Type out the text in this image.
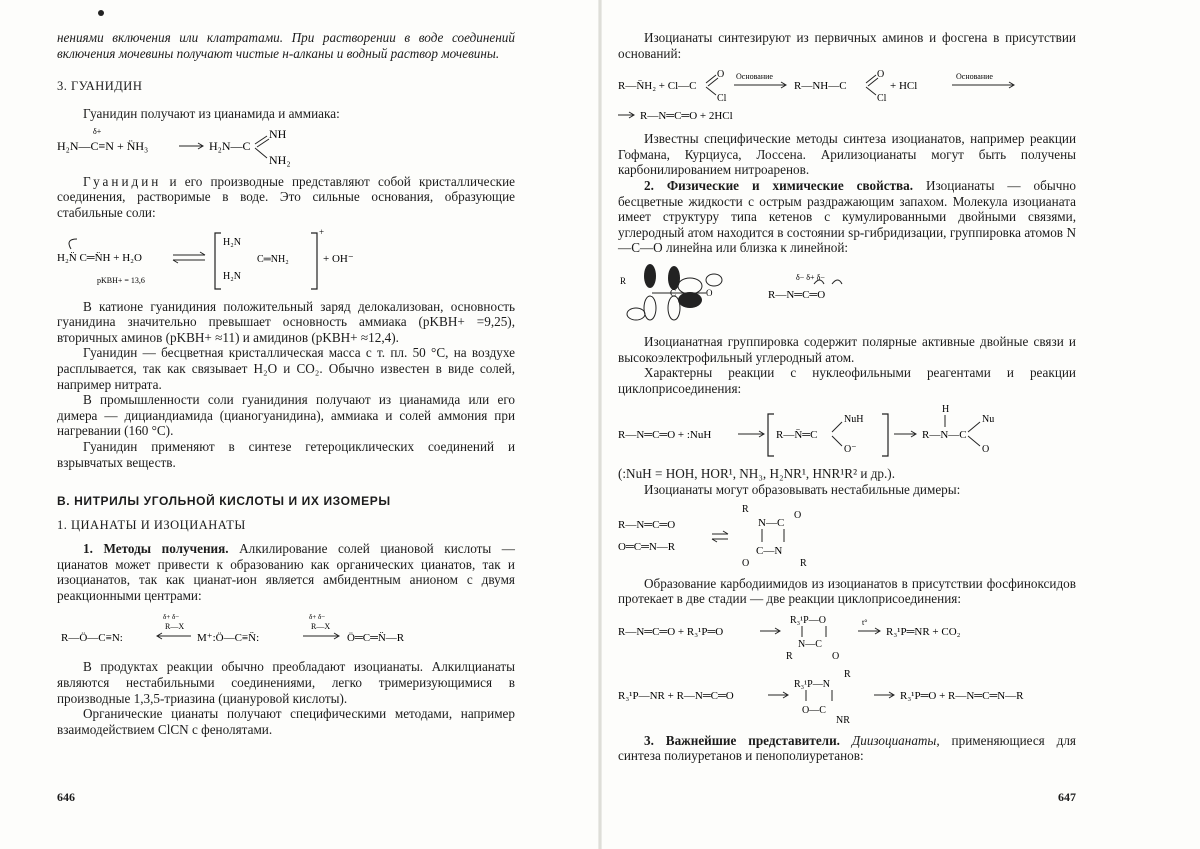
нениями включения или клатратами. При растворении в воде соединений включения мочевины получают чистые н-алканы и водный раствор мочевины.

3. ГУАНИДИН

Гуанидин получают из цианамида и аммиака:

δ+
H₂N—C≡N + N̈H₃	H₂N—C
NH
NH₂

Гуанидин и его производные представляют собой кристаллические соединения, растворимые в воде. Это сильные основания, образующие стабильные соли:

H₂N̈ C═N̈H + H₂O
pKBH+ = 13,6
H₂N
H₂N
C═NH₂
+
+ OH⁻

В катионе гуанидиния положительный заряд делокализован, основность гуанидина значительно превышает основность аммиака (pKBH+ =9,25), вторичных аминов (pKBH+ ≈11) и амидинов (pKBH+ ≈12,4).

Гуанидин — бесцветная кристаллическая масса с т. пл. 50 °С, на воздухе расплывается, так как связывает H₂O и CO₂. Обычно известен в виде солей, например нитрата.

В промышленности соли гуанидиния получают из цианамида или его димера — дициандиамида (цианогуанидина), аммиака и солей аммония при нагревании (160 °С).

Гуанидин применяют в синтезе гетероциклических соединений и взрывчатых веществ.

В. НИТРИЛЫ УГОЛЬНОЙ КИСЛОТЫ И ИХ ИЗОМЕРЫ
1. ЦИАНАТЫ И ИЗОЦИАНАТЫ

1. Методы получения. Алкилирование солей циановой кислоты — цианатов может привести к образованию как органических цианатов, так и изоцианатов, так как цианат-ион является амбидентным анионом с двумя реакционными центрами:

R—Ö—C≡N:
δ+ δ−
R—X
M⁺:Ö—C≡N̈:
δ+ δ−
R—X
Ö═C═N̈—R

В продуктах реакции обычно преобладают изоцианаты. Алкилцианаты являются нестабильными соединениями, легко тримеризующимися в производные 1,3,5-триазина (циануровой кислоты).

Органические цианаты получают специфическими методами, например взаимодействием ClCN с фенолятами.

646

Изоцианаты синтезируют из первичных аминов и фосгена в присутствии оснований:

R—N̈H₂ + Cl—C
O
Cl
Основание
R—NH—C
O
Cl
+ HCl
Основание
R—N═C═O + 2HCl

Известны специфические методы синтеза изоцианатов, например реакции Гофмана, Курциуса, Лоссена. Арилизоцианаты могут быть получены карбонилированием нитроаренов.

2. Физические и химические свойства. Изоцианаты — обычно бесцветные жидкости с острым раздражающим запахом. Молекула изоцианата имеет структуру типа кетенов с кумулированными двойными связями, углеродный атом находится в состоянии sp-гибридизации, группировка атомов N—C—O линейна или близка к линейной:

R
N C	O
δ− δ+ δ−
R—N═C═O

Изоцианатная группировка содержит полярные активные двойные связи и высокоэлектрофильный углеродный атом.

Характерны реакции с нуклеофильными реагентами и реакции циклоприсоединения:

R—N═C═O + :NuH	R—N̈═C
NuH
O⁻
H
R—N—C
Nu
O

(:NuH = HOH, HOR¹, NH₃, H₂NR¹, HNR¹R² и др.).

Изоцианаты могут образовывать нестабильные димеры:

R—N═C═O
O═C═N—R
R
N—C
C—N
O
O	R

Образование карбодиимидов из изоцианатов в присутствии фосфиноксидов протекает в две стадии — две реакции циклоприсоединения:

R—N═C═O + R₃¹P═O
R₃¹P—O
N—C
R	O
t°
R₃¹P═NR + CO₂
R₃¹P—NR + R—N═C═O
R₃¹P—N
R
O—C
NR
R₃¹P═O + R—N═C═N—R

3. Важнейшие представители. Диизоцианаты, применяющиеся для синтеза полиуретанов и пенополиуретанов:

647
